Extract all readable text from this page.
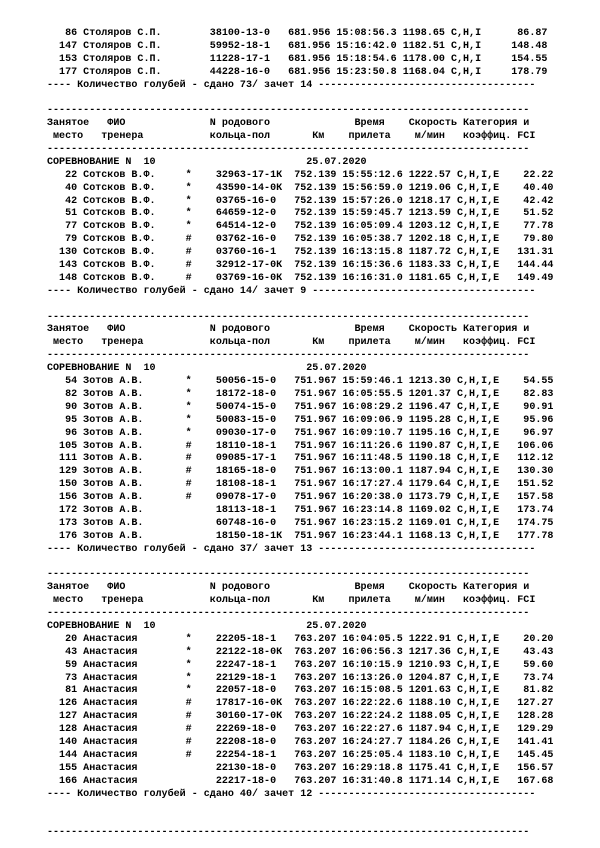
86 Столяров С.П.        38100-13-0   681.956 15:08:56.3 1198.65 C,H,I      86.87
147 Столяров С.П.        59952-18-1   681.956 15:16:42.0 1182.51 C,H,I     148.48
153 Столяров С.П.        11228-17-1   681.956 15:18:54.6 1178.00 C,H,I     154.55
177 Столяров С.П.        44228-16-0   681.956 15:23:50.8 1168.04 C,H,I     178.79
---- Количество голубей - сдано 73/ зачет 14 ------------------------------------
--------------------------------------------------------------------------------
Занятое   ФИО              N родового              Время    Скорость Категория и
место   тренера           кольца-пол       Км    прилета    м/мин   коэффиц. FCI
--------------------------------------------------------------------------------
СОРЕВНОВАНИЕ N  10                         25.07.2020
22 Сотсков В.Ф.     *    32963-17-1К  752.139 15:55:12.6 1222.57 C,H,I,E    22.22
40 Сотсков В.Ф.     *    43590-14-0К  752.139 15:56:59.0 1219.06 C,H,I,E    40.40
42 Сотсков В.Ф.     *    03765-16-0   752.139 15:57:26.0 1218.17 C,H,I,E    42.42
51 Сотсков В.Ф.     *    64659-12-0   752.139 15:59:45.7 1213.59 C,H,I,E    51.52
77 Сотсков В.Ф.     *    64514-12-0   752.139 16:05:09.4 1203.12 C,H,I,E    77.78
79 Сотсков В.Ф.     #    03762-16-0   752.139 16:05:38.7 1202.18 C,H,I,E    79.80
130 Сотсков В.Ф.     #    03760-16-1   752.139 16:13:15.8 1187.72 C,H,I,E   131.31
143 Сотсков В.Ф.     #    32912-17-0К  752.139 16:15:36.6 1183.33 C,H,I,E   144.44
148 Сотсков В.Ф.     #    03769-16-0К  752.139 16:16:31.0 1181.65 C,H,I,E   149.49
---- Количество голубей - сдано 14/ зачет 9 -------------------------------------
--------------------------------------------------------------------------------
Занятое   ФИО              N родового              Время    Скорость Категория и
место   тренера           кольца-пол       Км    прилета    м/мин   коэффиц. FCI
--------------------------------------------------------------------------------
СОРЕВНОВАНИЕ N  10                         25.07.2020
54 Зотов А.В.       *    50056-15-0   751.967 15:59:46.1 1213.30 C,H,I,E    54.55
82 Зотов А.В.       *    18172-18-0   751.967 16:05:55.5 1201.37 C,H,I,E    82.83
90 Зотов А.В.       *    50074-15-0   751.967 16:08:29.2 1196.47 C,H,I,E    90.91
95 Зотов А.В.       *    50083-15-0   751.967 16:09:06.9 1195.28 C,H,I,E    95.96
96 Зотов А.В.       *    09030-17-0   751.967 16:09:10.7 1195.16 C,H,I,E    96.97
105 Зотов А.В.       #    18110-18-1   751.967 16:11:26.6 1190.87 C,H,I,E   106.06
111 Зотов А.В.       #    09085-17-1   751.967 16:11:48.5 1190.18 C,H,I,E   112.12
129 Зотов А.В.       #    18165-18-0   751.967 16:13:00.1 1187.94 C,H,I,E   130.30
150 Зотов А.В.       #    18108-18-1   751.967 16:17:27.4 1179.64 C,H,I,E   151.52
156 Зотов А.В.       #    09078-17-0   751.967 16:20:38.0 1173.79 C,H,I,E   157.58
172 Зотов А.В.            18113-18-1   751.967 16:23:14.8 1169.02 C,H,I,E   173.74
173 Зотов А.В.            60748-16-0   751.967 16:23:15.2 1169.01 C,H,I,E   174.75
176 Зотов А.В.            18150-18-1К  751.967 16:23:44.1 1168.13 C,H,I,E   177.78
---- Количество голубей - сдано 37/ зачет 13 ------------------------------------
--------------------------------------------------------------------------------
Занятое   ФИО              N родового              Время    Скорость Категория и
место   тренера           кольца-пол       Км    прилета    м/мин   коэффиц. FCI
--------------------------------------------------------------------------------
СОРЕВНОВАНИЕ N  10                         25.07.2020
20 Анастасия        *    22205-18-1   763.207 16:04:05.5 1222.91 C,H,I,E    20.20
43 Анастасия        *    22122-18-0К  763.207 16:06:56.3 1217.36 C,H,I,E    43.43
59 Анастасия        *    22247-18-1   763.207 16:10:15.9 1210.93 C,H,I,E    59.60
73 Анастасия        *    22129-18-1   763.207 16:13:26.0 1204.87 C,H,I,E    73.74
81 Анастасия        *    22057-18-0   763.207 16:15:08.5 1201.63 C,H,I,E    81.82
126 Анастасия        #    17817-16-0К  763.207 16:22:22.6 1188.10 C,H,I,E   127.27
127 Анастасия        #    30160-17-0К  763.207 16:22:24.2 1188.05 C,H,I,E   128.28
128 Анастасия        #    22269-18-0   763.207 16:22:27.6 1187.94 C,H,I,E   129.29
140 Анастасия        #    22208-18-0   763.207 16:24:27.7 1184.26 C,H,I,E   141.41
144 Анастасия        #    22254-18-1   763.207 16:25:05.4 1183.10 C,H,I,E   145.45
155 Анастасия             22130-18-0   763.207 16:29:18.8 1175.41 C,H,I,E   156.57
166 Анастасия             22217-18-0   763.207 16:31:40.8 1171.14 C,H,I,E   167.68
---- Количество голубей - сдано 40/ зачет 12 ------------------------------------
--------------------------------------------------------------------------------
